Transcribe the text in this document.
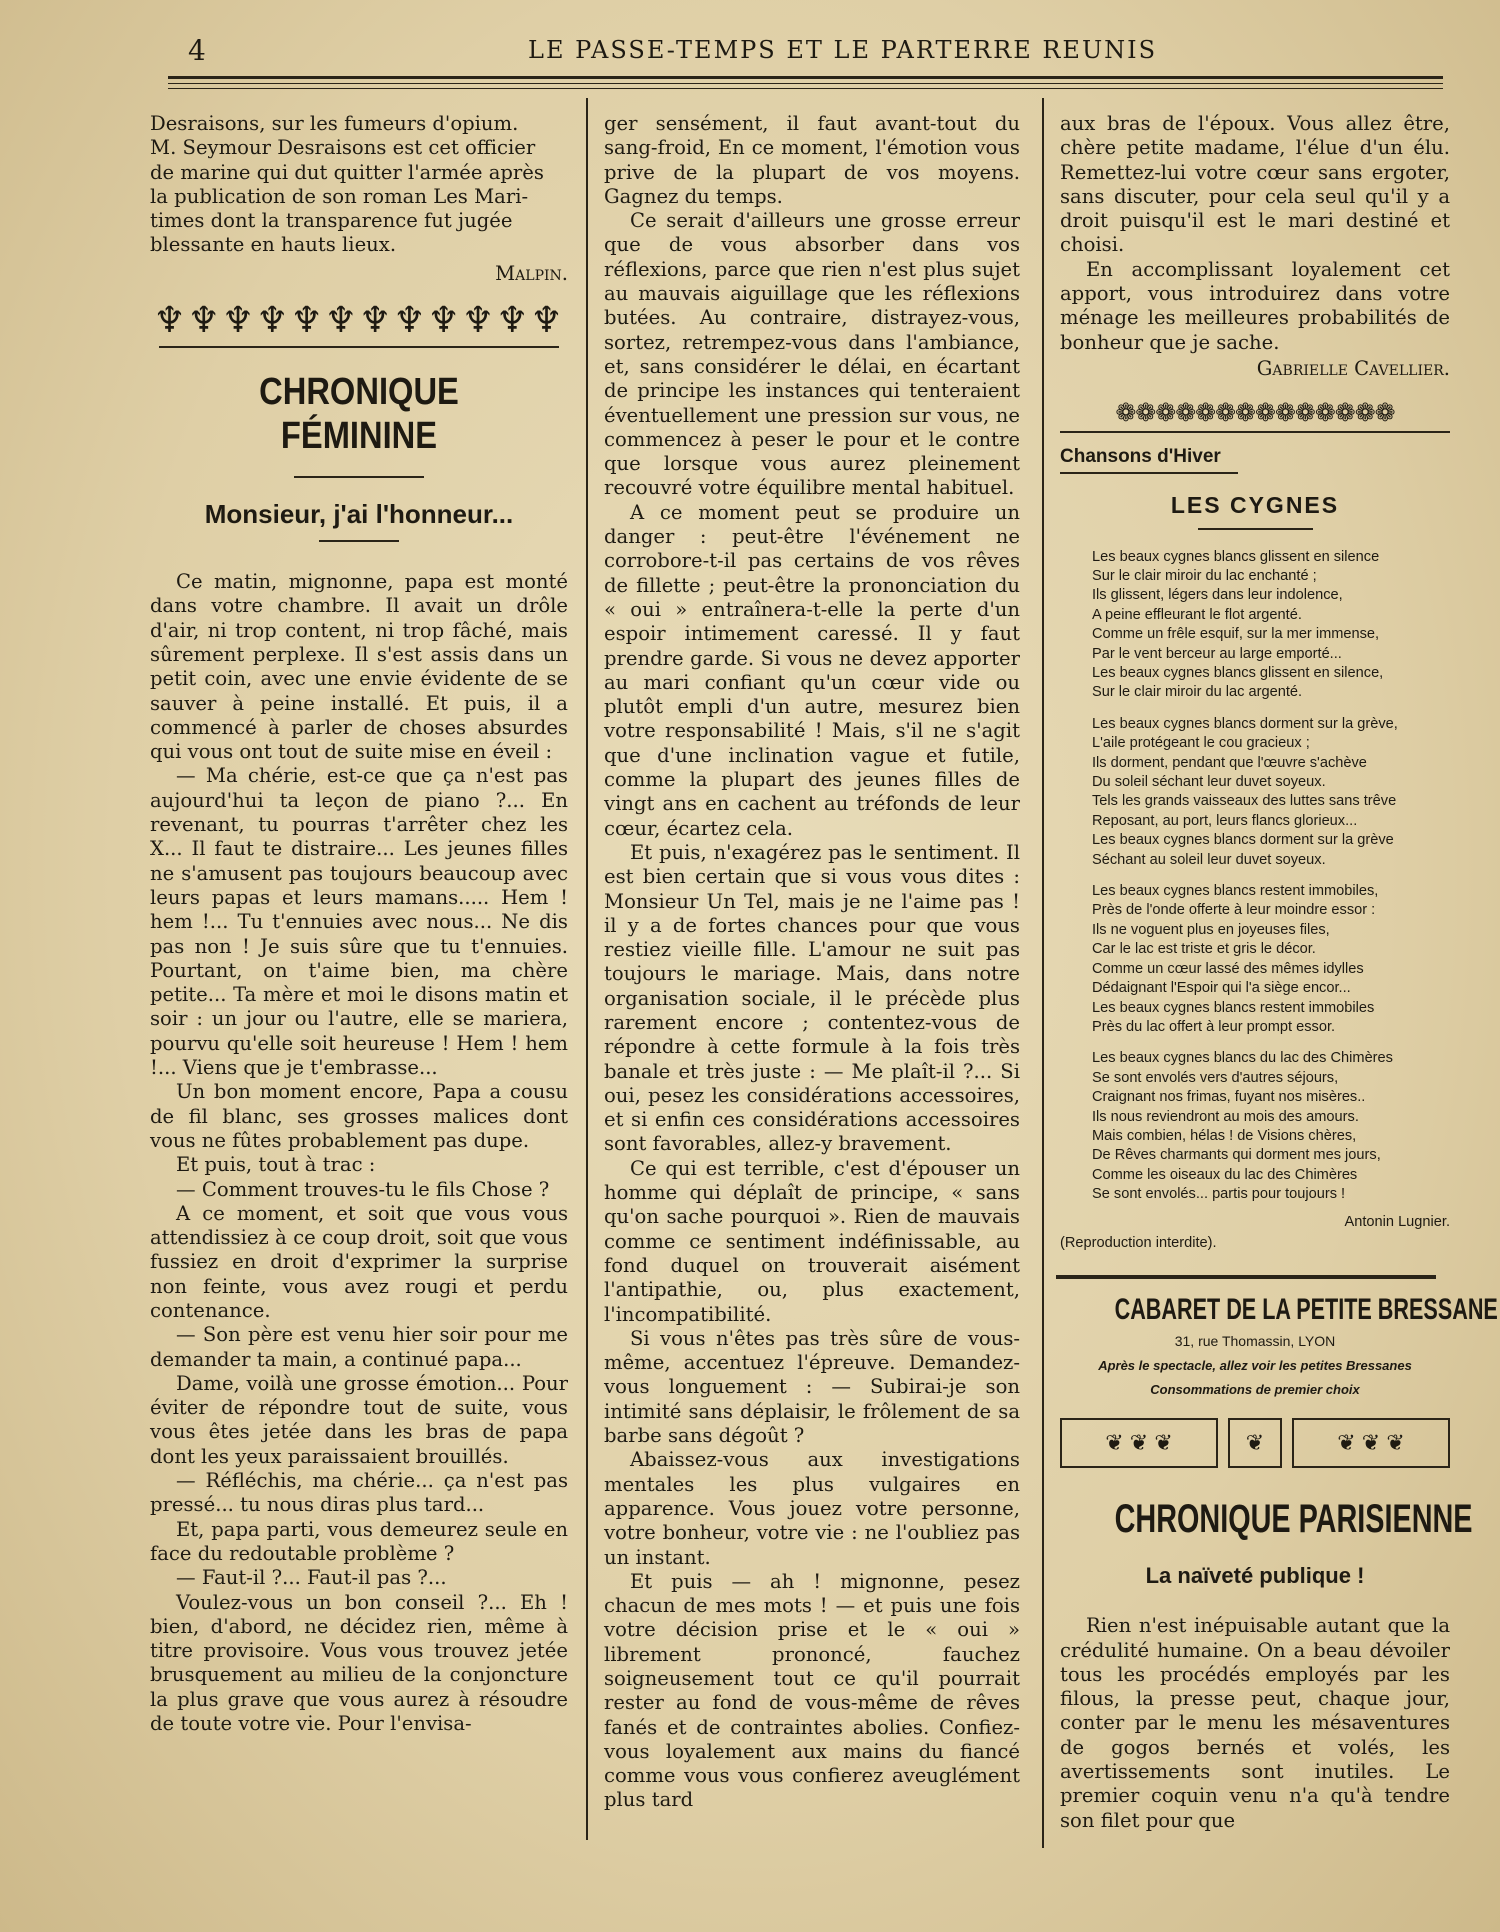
4	LE PASSE-TEMPS ET LE PARTERRE REUNIS
Desraisons, sur les fumeurs d'opium.
M. Seymour Desraisons est cet officier
de marine qui dut quitter l'armée après
la publication de son roman Les Mari-
times dont la transparence fut jugée
blessante en hauts lieux.
Malpin.
♆♆♆♆♆♆♆♆♆♆♆♆
CHRONIQUE FÉMININE
Monsieur, j'ai l'honneur...

Ce matin, mignonne, papa est monté dans votre chambre. Il avait un drôle d'air, ni trop content, ni trop fâché, mais sûrement perplexe. Il s'est assis dans un petit coin, avec une envie évidente de se sauver à peine installé. Et puis, il a commencé à parler de choses absurdes qui vous ont tout de suite mise en éveil :

— Ma chérie, est-ce que ça n'est pas aujourd'hui ta leçon de piano ?... En revenant, tu pourras t'arrêter chez les X... Il faut te distraire... Les jeunes filles ne s'amusent pas toujours beaucoup avec leurs papas et leurs mamans..... Hem ! hem !... Tu t'ennuies avec nous... Ne dis pas non ! Je suis sûre que tu t'ennuies. Pourtant, on t'aime bien, ma chère petite... Ta mère et moi le disons matin et soir : un jour ou l'autre, elle se mariera, pourvu qu'elle soit heureuse ! Hem ! hem !... Viens que je t'embrasse...

Un bon moment encore, Papa a cousu de fil blanc, ses grosses malices dont vous ne fûtes probablement pas dupe.

Et puis, tout à trac :

— Comment trouves-tu le fils Chose ?

A ce moment, et soit que vous vous attendissiez à ce coup droit, soit que vous fussiez en droit d'exprimer la surprise non feinte, vous avez rougi et perdu contenance.

— Son père est venu hier soir pour me demander ta main, a continué papa...

Dame, voilà une grosse émotion... Pour éviter de répondre tout de suite, vous vous êtes jetée dans les bras de papa dont les yeux paraissaient brouillés.

— Réfléchis, ma chérie... ça n'est pas pressé... tu nous diras plus tard...

Et, papa parti, vous demeurez seule en face du redoutable problème ?

— Faut-il ?... Faut-il pas ?...

Voulez-vous un bon conseil ?... Eh ! bien, d'abord, ne décidez rien, même à titre provisoire. Vous vous trouvez jetée brusquement au milieu de la conjoncture la plus grave que vous aurez à résoudre de toute votre vie. Pour l'envisa-

ger sensément, il faut avant-tout du sang-froid, En ce moment, l'émotion vous prive de la plupart de vos moyens. Gagnez du temps.

Ce serait d'ailleurs une grosse erreur que de vous absorber dans vos réflexions, parce que rien n'est plus sujet au mauvais aiguillage que les réflexions butées. Au contraire, distrayez-vous, sortez, retrempez-vous dans l'ambiance, et, sans considérer le délai, en écartant de principe les instances qui tenteraient éventuellement une pression sur vous, ne commencez à peser le pour et le contre que lorsque vous aurez pleinement recouvré votre équilibre mental habituel.

A ce moment peut se produire un danger : peut-être l'événement ne corrobore-t-il pas certains de vos rêves de fillette ; peut-être la prononciation du « oui » entraînera-t-elle la perte d'un espoir intimement caressé. Il y faut prendre garde. Si vous ne devez apporter au mari confiant qu'un cœur vide ou plutôt empli d'un autre, mesurez bien votre responsabilité ! Mais, s'il ne s'agit que d'une inclination vague et futile, comme la plupart des jeunes filles de vingt ans en cachent au tréfonds de leur cœur, écartez cela.

Et puis, n'exagérez pas le sentiment. Il est bien certain que si vous vous dites : Monsieur Un Tel, mais je ne l'aime pas ! il y a de fortes chances pour que vous restiez vieille fille. L'amour ne suit pas toujours le mariage. Mais, dans notre organisation sociale, il le précède plus rarement encore ; contentez-vous de répondre à cette formule à la fois très banale et très juste : — Me plaît-il ?... Si oui, pesez les considérations accessoires, et si enfin ces considérations accessoires sont favorables, allez-y bravement.

Ce qui est terrible, c'est d'épouser un homme qui déplaît de principe, « sans qu'on sache pourquoi ». Rien de mauvais comme ce sentiment indéfinissable, au fond duquel on trouverait aisément l'antipathie, ou, plus exactement, l'incompatibilité.

Si vous n'êtes pas très sûre de vous-même, accentuez l'épreuve. Demandez-vous longuement : — Subirai-je son intimité sans déplaisir, le frôlement de sa barbe sans dégoût ?

Abaissez-vous aux investigations mentales les plus vulgaires en apparence. Vous jouez votre personne, votre bonheur, votre vie : ne l'oubliez pas un instant.

Et puis — ah ! mignonne, pesez chacun de mes mots ! — et puis une fois votre décision prise et le « oui » librement prononcé, fauchez soigneusement tout ce qu'il pourrait rester au fond de vous-même de rêves fanés et de contraintes abolies. Confiez-vous loyalement aux mains du fiancé comme vous vous confierez aveuglément plus tard

aux bras de l'époux. Vous allez être, chère petite madame, l'élue d'un élu. Remettez-lui votre cœur sans ergoter, sans discuter, pour cela seul qu'il y a droit puisqu'il est le mari destiné et choisi.

En accomplissant loyalement cet apport, vous introduirez dans votre ménage les meilleures probabilités de bonheur que je sache.

Gabrielle Cavellier.
❁❁❁❁❁❁❁❁❁❁❁❁❁❁
Chansons d'Hiver
LES CYGNES
Les beaux cygnes blancs glissent en silence
Sur le clair miroir du lac enchanté ;
Ils glissent, légers dans leur indolence,
A peine effleurant le flot argenté.
Comme un frêle esquif, sur la mer immense,
Par le vent berceur au large emporté...
Les beaux cygnes blancs glissent en silence,
Sur le clair miroir du lac argenté.
Les beaux cygnes blancs dorment sur la grève,
L'aile protégeant le cou gracieux ;
Ils dorment, pendant que l'œuvre s'achève
Du soleil séchant leur duvet soyeux.
Tels les grands vaisseaux des luttes sans trêve
Reposant, au port, leurs flancs glorieux...
Les beaux cygnes blancs dorment sur la grève
Séchant au soleil leur duvet soyeux.
Les beaux cygnes blancs restent immobiles,
Près de l'onde offerte à leur moindre essor :
Ils ne voguent plus en joyeuses files,
Car le lac est triste et gris le décor.
Comme un cœur lassé des mêmes idylles
Dédaignant l'Espoir qui l'a siège encor...
Les beaux cygnes blancs restent immobiles
Près du lac offert à leur prompt essor.
Les beaux cygnes blancs du lac des Chimères
Se sont envolés vers d'autres séjours,
Craignant nos frimas, fuyant nos misères..
Ils nous reviendront au mois des amours.
Mais combien, hélas ! de Visions chères,
De Rêves charmants qui dorment mes jours,
Comme les oiseaux du lac des Chimères
Se sont envolés... partis pour toujours !
Antonin Lugnier.
(Reproduction interdite).
CABARET DE LA PETITE BRESSANE
31, rue Thomassin, LYON
Après le spectacle, allez voir les petites Bressanes
Consommations de premier choix
❦ ❦ ❦	❦	❦ ❦ ❦
CHRONIQUE PARISIENNE
La naïveté publique !

Rien n'est inépuisable autant que la crédulité humaine. On a beau dévoiler tous les procédés employés par les filous, la presse peut, chaque jour, conter par le menu les mésaventures de gogos bernés et volés, les avertissements sont inutiles. Le premier coquin venu n'a qu'à tendre son filet pour que
